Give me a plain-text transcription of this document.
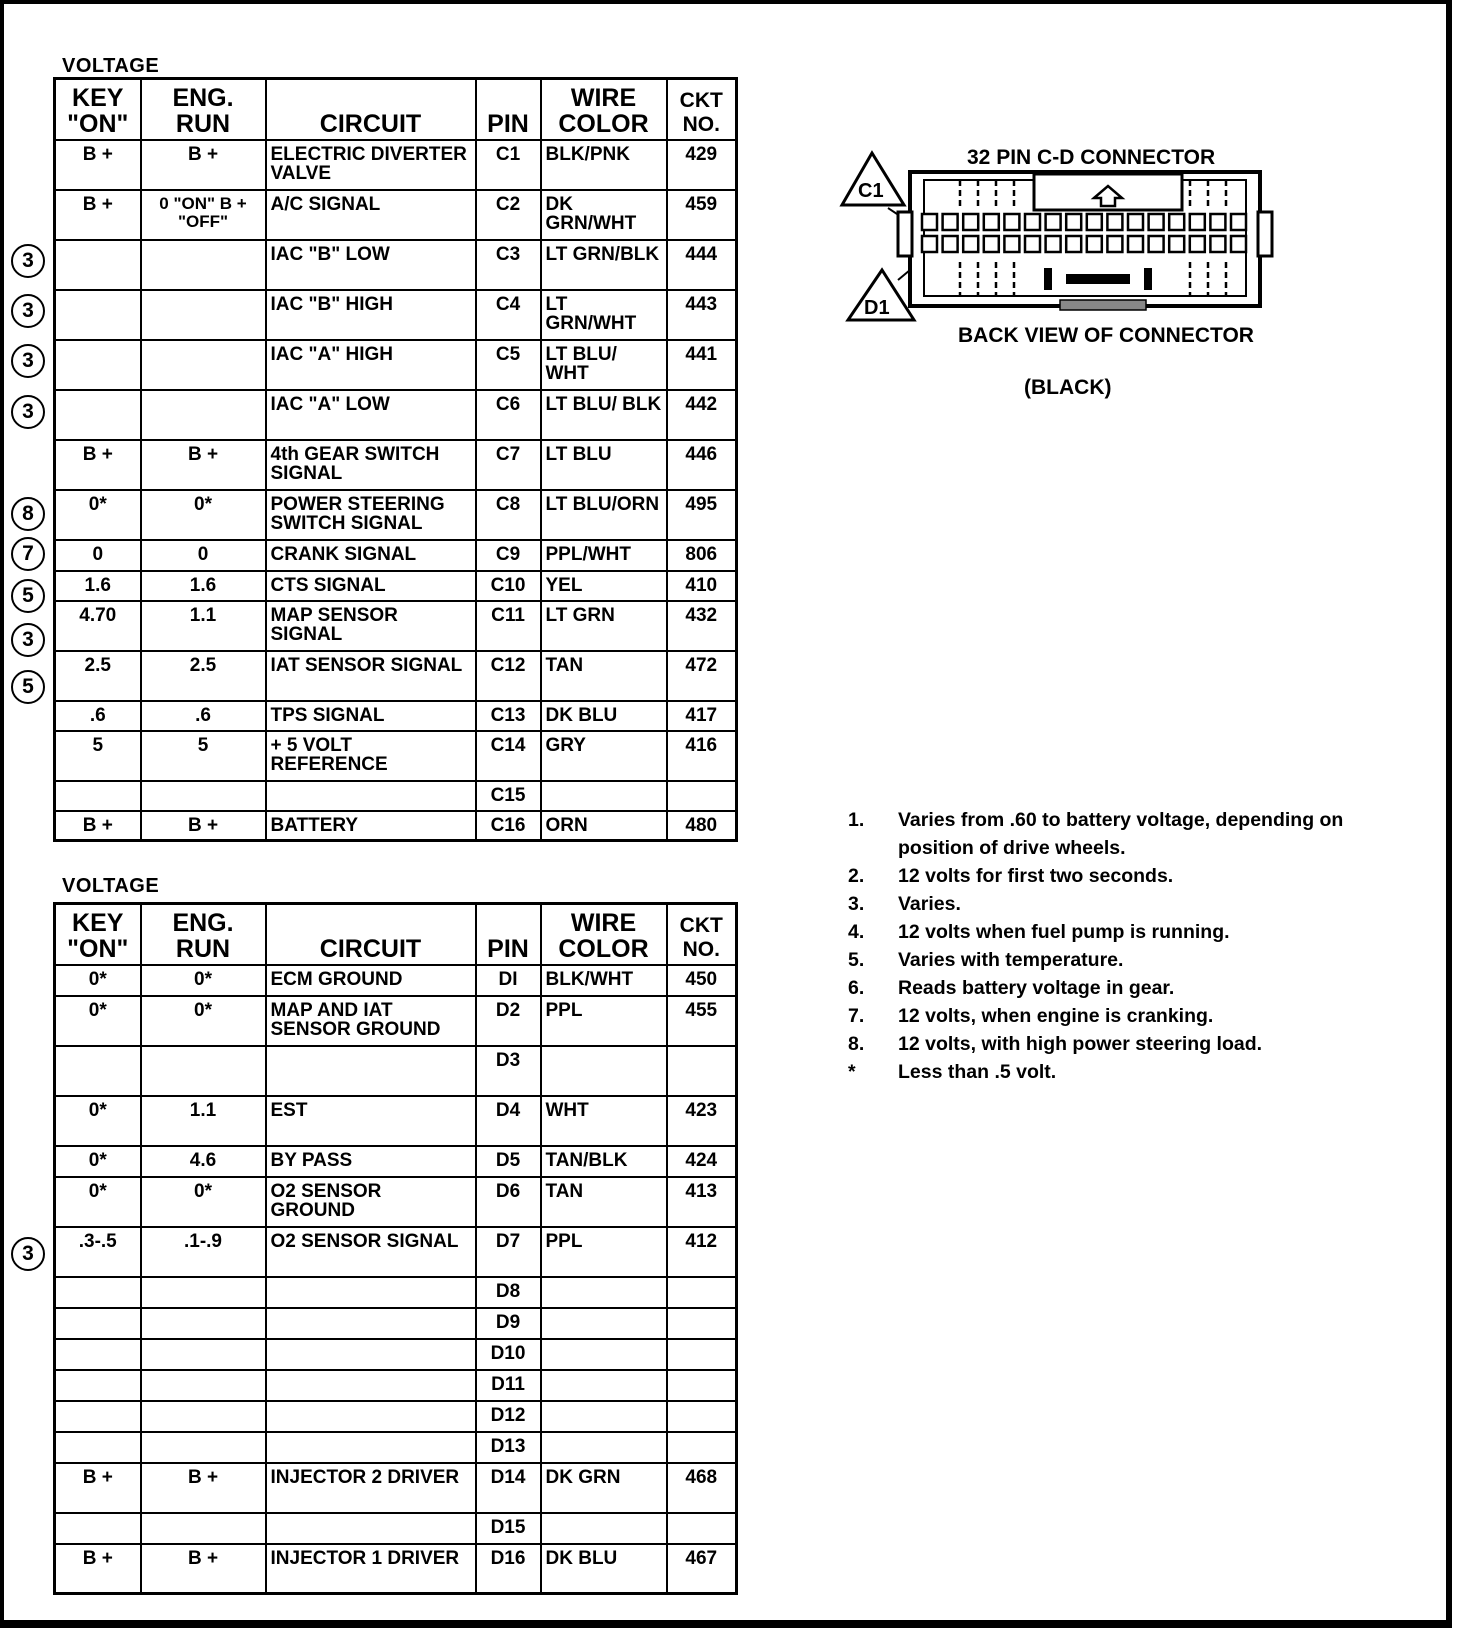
VOLTAGE
KEY "ON"	ENG. RUN	CIRCUIT	PIN	WIRE COLOR	CKT NO.
B +	B +	ELECTRIC DIVERTER VALVE	C1	BLK/PNK	429
B +	0 "ON" B + "OFF"	A/C SIGNAL	C2	DK GRN/WHT	459
		IAC "B" LOW	C3	LT GRN/BLK	444
		IAC "B" HIGH	C4	LT GRN/WHT	443
		IAC "A" HIGH	C5	LT BLU/ WHT	441
		IAC "A" LOW	C6	LT BLU/ BLK	442
B +	B +	4th GEAR SWITCH SIGNAL	C7	LT BLU	446
0*	0*	POWER STEERING SWITCH SIGNAL	C8	LT BLU/ORN	495
0	0	CRANK SIGNAL	C9	PPL/WHT	806
1.6	1.6	CTS SIGNAL	C10	YEL	410
4.70	1.1	MAP SENSOR SIGNAL	C11	LT GRN	432
2.5	2.5	IAT SENSOR SIGNAL	C12	TAN	472
.6	.6	TPS SIGNAL	C13	DK BLU	417
5	5	+ 5 VOLT REFERENCE	C14	GRY	416
			C15		
B +	B +	BATTERY	C16	ORN	480
VOLTAGE
KEY "ON"	ENG. RUN	CIRCUIT	PIN	WIRE COLOR	CKT NO.
0*	0*	ECM GROUND	DI	BLK/WHT	450
0*	0*	MAP AND IAT SENSOR GROUND	D2	PPL	455
			D3		
0*	1.1	EST	D4	WHT	423
0*	4.6	BY PASS	D5	TAN/BLK	424
0*	0*	O2 SENSOR GROUND	D6	TAN	413
.3-.5	.1-.9	O2 SENSOR SIGNAL	D7	PPL	412
			D8		
			D9		
			D10		
			D11		
			D12		
			D13		
B +	B +	INJECTOR 2 DRIVER	D14	DK GRN	468
			D15		
B +	B +	INJECTOR 1 DRIVER	D16	DK BLU	467
3
3
3
3
8
7
5
3
5
3
32 PIN C-D CONNECTOR
C1
D1
BACK VIEW OF CONNECTOR
(BLACK)
1.	Varies from .60 to battery voltage, depending on position of drive wheels.
2.	12 volts for first two seconds.
3.	Varies.
4.	12 volts when fuel pump is running.
5.	Varies with temperature.
6.	Reads battery voltage in gear.
7.	12 volts, when engine is cranking.
8.	12 volts, with high power steering load.
*	Less than .5 volt.
